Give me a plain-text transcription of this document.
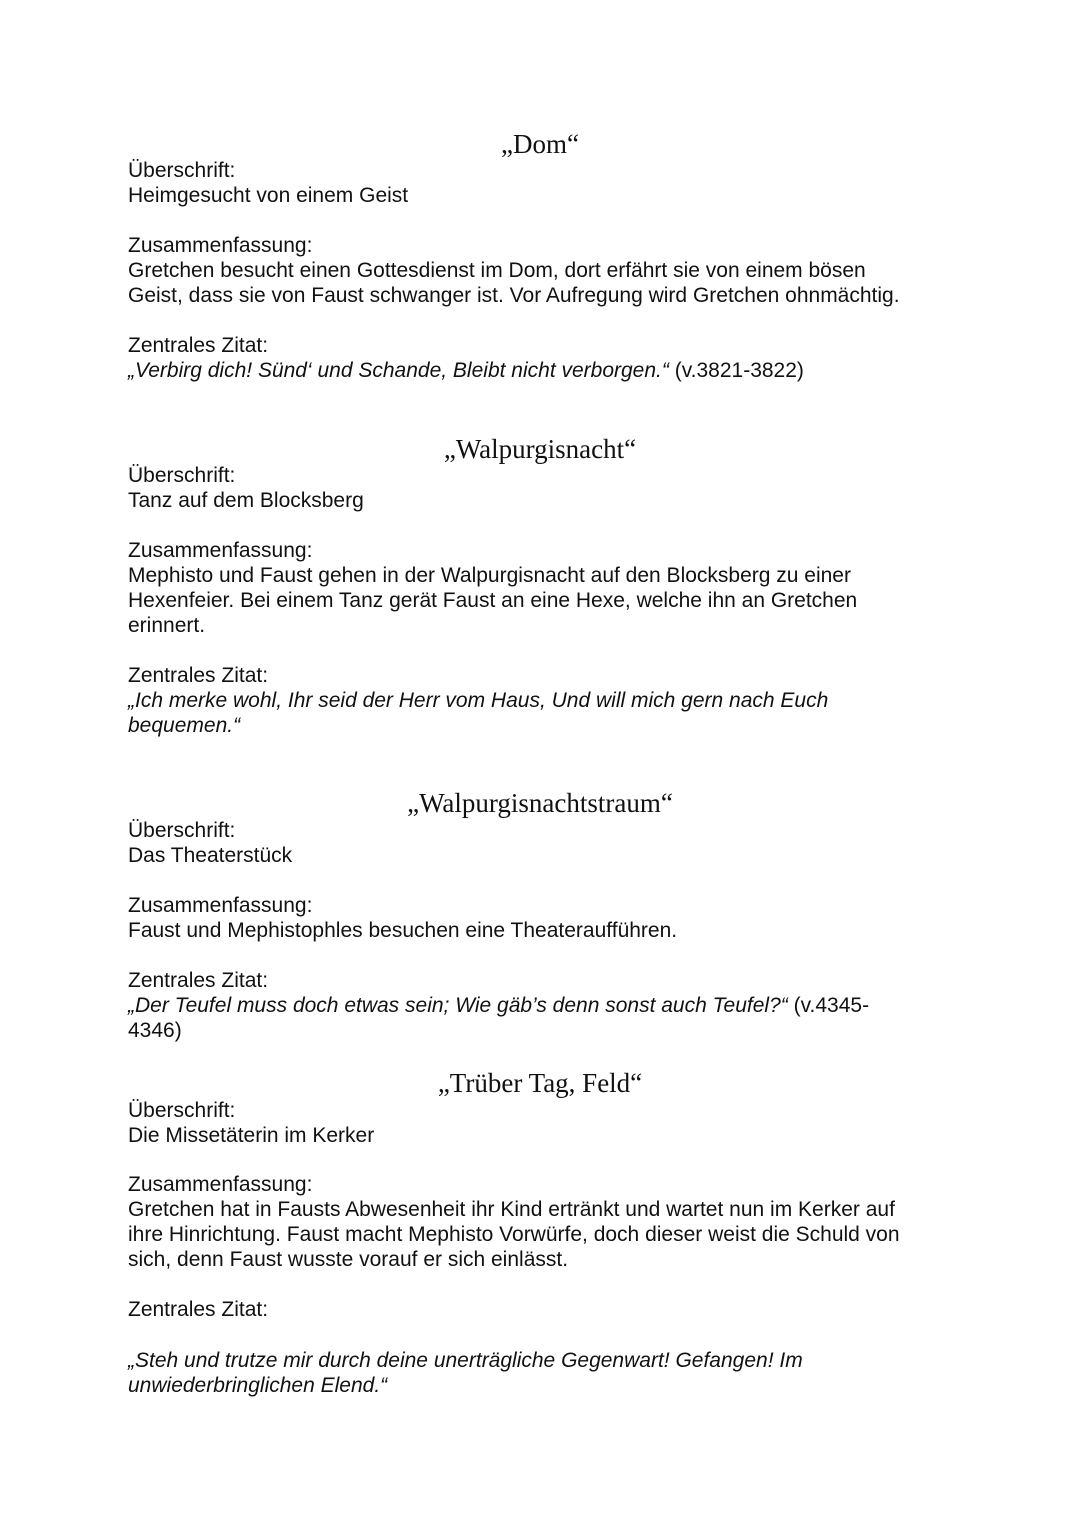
„Dom“
Überschrift:
Heimgesucht von einem Geist
Zusammenfassung:
Gretchen besucht einen Gottesdienst im Dom, dort erfährt sie von einem bösen
Geist, dass sie von Faust schwanger ist. Vor Aufregung wird Gretchen ohnmächtig.
Zentrales Zitat:
„Verbirg dich! Sünd‘ und Schande, Bleibt nicht verborgen.“ (v.3821-3822)
„Walpurgisnacht“
Überschrift:
Tanz auf dem Blocksberg
Zusammenfassung:
Mephisto und Faust gehen in der Walpurgisnacht auf den Blocksberg zu einer
Hexenfeier. Bei einem Tanz gerät Faust an eine Hexe, welche ihn an Gretchen
erinnert.
Zentrales Zitat:
„Ich merke wohl, Ihr seid der Herr vom Haus, Und will mich gern nach Euch
bequemen.“
„Walpurgisnachtstraum“
Überschrift:
Das Theaterstück
Zusammenfassung:
Faust und Mephistophles besuchen eine Theateraufführen.
Zentrales Zitat:
„Der Teufel muss doch etwas sein; Wie gäb’s denn sonst auch Teufel?“ (v.4345-
4346)
„Trüber Tag, Feld“
Überschrift:
Die Missetäterin im Kerker
Zusammenfassung:
Gretchen hat in Fausts Abwesenheit ihr Kind ertränkt und wartet nun im Kerker auf
ihre Hinrichtung. Faust macht Mephisto Vorwürfe, doch dieser weist die Schuld von
sich, denn Faust wusste vorauf er sich einlässt.
Zentrales Zitat:
„Steh und trutze mir durch deine unerträgliche Gegenwart! Gefangen! Im
unwiederbringlichen Elend.“
